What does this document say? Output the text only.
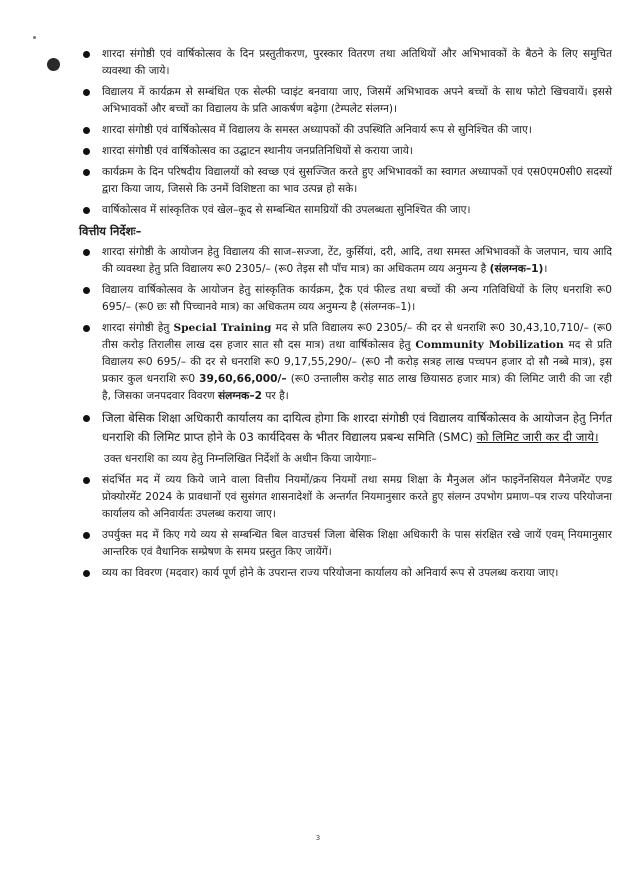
शारदा संगोष्ठी एवं वार्षिकोत्सव के दिन प्रस्तुतीकरण, पुरस्कार वितरण तथा अतिथियों और अभिभावकों के बैठने के लिए समुचित व्यवस्था की जाये।
विद्यालय में कार्यक्रम से सम्बंधित एक सेल्फी प्वाइंट बनवाया जाए, जिसमें अभिभावक अपने बच्चों के साथ फोटो खिचवायें। इससे अभिभावकों और बच्चों का विद्यालय के प्रति आकर्षण बढ़ेगा (टेम्पलेट संलग्न)।
शारदा संगोष्ठी एवं वार्षिकोत्सव में विद्यालय के समस्त अध्यापकों की उपस्थिति अनिवार्य रूप से सुनिश्चित की जाए।
शारदा संगोष्ठी एवं वार्षिकोत्सव का उद्घाटन स्थानीय जनप्रतिनिधियों से कराया जाये।
कार्यक्रम के दिन परिषदीय विद्यालयों को स्वच्छ एवं सुसज्जित करते हुए अभिभावकों का स्वागत अध्यापकों एवं एस0एम0सी0 सदस्यों द्वारा किया जाय, जिससे कि उनमें विशिष्टता का भाव उत्पन्न हो सके।
वार्षिकोत्सव में सांस्कृतिक एवं खेल–कूद से सम्बन्धित सामग्रियों की उपलब्धता सुनिश्चित की जाए।
वित्तीय निर्देशः–
शारदा संगोष्ठी के आयोजन हेतु विद्यालय की साज–सज्जा, टेंट, कुर्सियां, दरी, आदि, तथा समस्त अभिभावकों के जलपान, चाय आदि की व्यवस्था हेतु प्रति विद्यालय रू0 2305/– (रू0 तेइस सौ पाँच मात्र) का अधिकतम व्यय अनुमन्य है (संलग्नक–1)।
विद्यालय वार्षिकोत्सव के आयोजन हेतु सांस्कृतिक कार्यक्रम, ट्रैक एवं फील्ड तथा बच्चों की अन्य गतिविधियों के लिए धनराशि रू0 695/– (रू0 छः सौ पिच्चानवे मात्र) का अधिकतम व्यय अनुमन्य है (संलग्नक–1)।
शारदा संगोष्ठी हेतु Special Training मद से प्रति विद्यालय रू0 2305/– की दर से धनराशि रू0 30,43,10,710/– (रू0 तीस करोड़ तिरालीस लाख दस हजार सात सौ दस मात्र) तथा वार्षिकोत्सव हेतु Community Mobilization मद से प्रति विद्यालय रू0 695/– की दर से धनराशि रू0 9,17,55,290/– (रू0 नौ करोड़ सत्रह लाख पच्चपन हजार दो सौ नब्बे मात्र), इस प्रकार कुल धनराशि रू0 39,60,66,000/– (रू0 उन्तालीस करोड़ साठ लाख छियासठ हजार मात्र) की लिमिट जारी की जा रही है, जिसका जनपदवार विवरण संलग्नक–2 पर है।
जिला बेसिक शिक्षा अधिकारी कार्यालय का दायित्व होगा कि शारदा संगोष्ठी एवं विद्यालय वार्षिकोत्सव के आयोजन हेतु निर्गत धनराशि की लिमिट प्राप्त होने के 03 कार्यदिवस के भीतर विद्यालय प्रबन्ध समिति (SMC) को लिमिट जारी कर दी जाये।
उक्त धनराशि का व्यय हेतु निम्नलिखित निर्देशों के अधीन किया जायेगाः–
संदर्भित मद में व्यय किये जाने वाला वित्तीय नियमों/क्रय नियमों तथा समग्र शिक्षा के मैनुअल ऑन फाइनेंनसियल मैनेजमेंट एण्ड प्रोक्योरमेंट 2024 के प्रावधानों एवं सुसंगत शासनादेशों के अन्तर्गत नियमानुसार करते हुए संलग्न उपभोग प्रमाण–पत्र राज्य परियोजना कार्यालय को अनिवार्यतः उपलब्ध कराया जाए।
उपर्युक्त मद में किए गये व्यय से सम्बन्धित बिल वाउचर्स जिला बेसिक शिक्षा अधिकारी के पास संरक्षित रखे जायें एवम् नियमानुसार आन्तरिक एवं वैधानिक सम्प्रेषण के समय प्रस्तुत किए जायेंगें।
व्यय का विवरण (मदवार) कार्य पूर्ण होने के उपरान्त राज्य परियोजना कार्यालय को अनिवार्य रूप से उपलब्ध कराया जाए।
3
